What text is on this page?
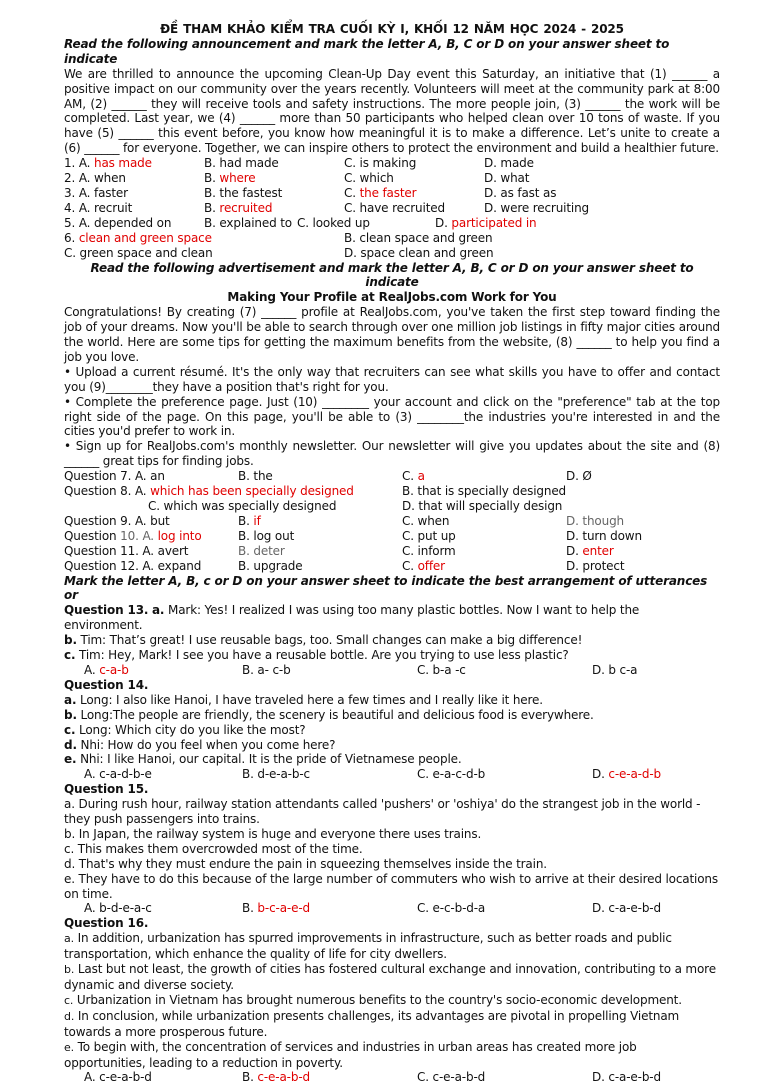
ĐỀ THAM KHẢO KIỂM TRA CUỐI KỲ I, KHỐI 12 NĂM HỌC 2024 - 2025
Read the following announcement and mark the letter A, B, C or D on your answer sheet to indicate

We are thrilled to announce the upcoming Clean-Up Day event this Saturday, an initiative that (1) ______ a positive impact on our community over the years recently. Volunteers will meet at the community park at 8:00 AM, (2) ______ they will receive tools and safety instructions. The more people join, (3) ______ the work will be completed. Last year, we (4) ______ more than 50 participants who helped clean over 10 tons of waste. If you have (5) ______ this event before, you know how meaningful it is to make a difference. Let’s unite to create a (6) ______ for everyone. Together, we can inspire others to protect the environment and build a healthier future.

1. A. has made	B. had made	C. is making	D. made
2. A. when	B. where	C. which	D. what
3. A. faster	B. the fastest	C. the faster	D. as fast as
4. A. recruit	B. recruited	C. have recruited	D. were recruiting
5. A. depended on	B. explained to C. looked up	D. participated in
6. clean and green space	B. clean space and green
C. green space and clean	D. space clean and green
Read the following advertisement and mark the letter A, B, C or D on your answer sheet to indicate
Making Your Profile at RealJobs.com Work for You

Congratulations! By creating (7) ______ profile at RealJobs.com, you've taken the first step toward finding the job of your dreams. Now you'll be able to search through over one million job listings in fifty major cities around the world. Here are some tips for getting the maximum benefits from the website, (8) ______ to help you find a job you love.

• Upload a current résumé. It's the only way that recruiters can see what skills you have to offer and contact you (9)________they have a position that's right for you.

• Complete the preference page. Just (10) ________ your account and click on the "preference" tab at the top right side of the page. On this page, you'll be able to (3) ________the industries you're interested in and the cities you'd prefer to work in.

• Sign up for RealJobs.com's monthly newsletter. Our newsletter will give you updates about the site and (8) ______ great tips for finding jobs.

Question 7. A. an	B. the	C. a	D. Ø
Question 8. A. which has been specially designed	B. that is specially designed
C. which was specially designed	D. that will specially design
Question 9. A. but	B. if	C. when	D. though
Question 10. A. log into	B. log out	C. put up	D. turn down
Question 11. A. avert	B. deter	C. inform	D. enter
Question 12. A. expand	B. upgrade	C. offer	D. protect
Mark the letter A, B, c or D on your answer sheet to indicate the best arrangement of utterances or

Question 13. a. Mark: Yes! I realized I was using too many plastic bottles. Now I want to help the environment.

b. Tim: That’s great! I use reusable bags, too. Small changes can make a big difference!

c. Tim: Hey, Mark! I see you have a reusable bottle. Are you trying to use less plastic?

A. c-a-b	B. a- c-b	C. b-a -c	D. b c-a
Question 14.

a. Long: I also like Hanoi, I have traveled here a few times and I really like it here.

b. Long:The people are friendly, the scenery is beautiful and delicious food is everywhere.

c. Long: Which city do you like the most?

d. Nhi: How do you feel when you come here?

e. Nhi: I like Hanoi, our capital. It is the pride of Vietnamese people.

A. c-a-d-b-e	B. d-e-a-b-c	C. e-a-c-d-b	D. c-e-a-d-b
Question 15.

a. During rush hour, railway station attendants called 'pushers' or 'oshiya' do the strangest job in the world - they push passengers into trains.

b. In Japan, the railway system is huge and everyone there uses trains.

c. This makes them overcrowded most of the time.

d. That's why they must endure the pain in squeezing themselves inside the train.

e. They have to do this because of the large number of commuters who wish to arrive at their desired locations on time.

A. b-d-e-a-c	B. b-c-a-e-d	C. e-c-b-d-a	D. c-a-e-b-d
Question 16.

a. In addition, urbanization has spurred improvements in infrastructure, such as better roads and public transportation, which enhance the quality of life for city dwellers.

b. Last but not least, the growth of cities has fostered cultural exchange and innovation, contributing to a more dynamic and diverse society.

c. Urbanization in Vietnam has brought numerous benefits to the country's socio-economic development.

d. In conclusion, while urbanization presents challenges, its advantages are pivotal in propelling Vietnam towards a more prosperous future.

e. To begin with, the concentration of services and industries in urban areas has created more job opportunities, leading to a reduction in poverty.

A. c-e-a-b-d	B. c-e-a-b-d	C. c-e-a-b-d	D. c-a-e-b-d
